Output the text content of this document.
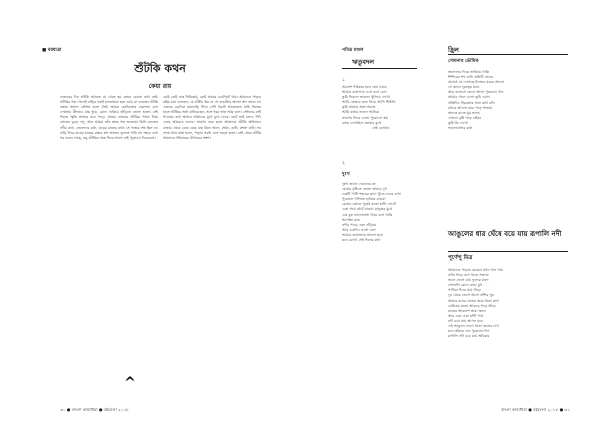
■ বরযাত্রা
শুঁটকি কথন
কেয়া রায়
বাজারের দিন শুঁটকি আনতে যে খেতে হয় তেমন কোনো কথা নেই। শুঁটকির গন্ধ পেলেই বাড়ির সবাই মাতোয়ারা হয়ে ওঠে। মা বলতেন শুঁটকি রান্নার আসল কৌশল হলো ধৈর্য। আমরা ছোটবেলায় বারান্দায় বসে দেখতাম কীভাবে মাছ ধুয়ে, রোদে শুকিয়ে হাঁড়িতে তোলা হতো। সেই দিনের স্মৃতি আজও মনে পড়ে। গ্রামের বাজারে শুঁটকির পসরা নিয়ে বসতেন বুড়ো দাদু, আর আমরা তাঁর কাছে গল্প শুনতাম। তিনি বলতেন নদীর কথা, জেলেদের কথা, ঝড়ের রাতের কথা। সে গল্পের শেষ ছিল না। বাড়ি ফিরে মায়ের হাতের রান্নার স্বাদ আজও ভুলতে পারি না। শহরে এসে সব বদলে গেছে, তবু শুঁটকির গন্ধে ফিরে আসে সেই পুরোনো দিনগুলো।
কেউ কেউ নাক সিঁটকোয়, কেউ আবার চেটেপুটে খায়। আমাদের পাড়ার রহিম চাচা বলতেন, যে শুঁটকি খায় না সে বাঙালির আসল স্বাদ জানে না। একবার বড়দিনে মামাবাড়ি গিয়ে দেখি বিরাট আয়োজন। মামি নিজের হাতে শুঁটকির ভর্তা বানিয়েছেন, সঙ্গে গরম ভাত আর ডাল। সেদিনের সেই খাওয়ার কথা আজও আমাদের মুখে মুখে ফেরে। ছোট ভাই বলল, দিদি এবার আমরাও বানাব। তারপর শুরু হলো আমাদের শুঁটকি অভিযান। বাজার থেকে বেছে বেছে মাছ কিনে আনা, ধোয়া, কাটা, মশলা বাটা। সব শেষে যখন রান্না হলো, পাড়ার সবাই এসে জড়ো হলো। সেই থেকে শুঁটকি আমাদের পরিবারের উৎসবের অংশ।
^
৩০ ● বাংলা কাব্যধারা ● বইমেলা ২০১৮
পবিত্র মণ্ডল
ঋতুবদল
১
আকাশ পরিষ্কার হলে মেঘ ডাকে
আমার বারান্দায় এসে বসে রোদ
তুমি ফিরলে জানলা খুলিয়ে দেখো
আমি তোমার জন্য নিয়ে আসি শিউলি
তুমি আমার প্রশ্নে অবাক
আমি কথার জালে আটকে
তারপর ফিরে এলো পুরোনো স্বপ্ন
বসন্ত দেখেছিল তোমার মুখে
নেই কোথাও
২
দুঃখ
দুঃখ জানে দেয়ালের রং
মেঘের বৃষ্টিতে ভেজা আমার দুখ
একটি পাখি শহরের ছাদে খুঁজে ফেরে বাসা
পুরোনো গলিতে হারিয়ে যাওয়া
মেঘের কোলে সূর্যের মতো হাসি ফোটে
একা পথে হেঁটে যাওয়া মানুষের মুখে
এক বুক ভালোবাসা নিয়ে বসে থাকি
অপেক্ষা রাত
নদীর পাড়ে একা দাঁড়িয়ে
আর একদিন এসো রোদ
আমার জানালায় আলো হয়ে
মনে রেখো সেই দিনের কথা
হ্রিল
সোমনাথ ভৌমিক
জানালার দিকে তাকিয়ে থাকি
শিশিরের শব্দ শুনি প্রতিটি ভোরে
প্রবাসে যে দেখেছে নিজের ঘরের আলো
সে জানে দূরত্বের মানে
আর বাতাসে ভেসে আসে পুরোনো গান
আমার গানে এসো তুমি এসো
প্রতিদিন নীরবতার সঙ্গে কথা বলি
চাঁদের আলো ঝরে পড়ে পাতায়
অনেক রাতে ঘুম ভাঙে
এখনো বৃষ্টি পড়ে বাইরে
তুমি কি দেখো
ভালোবাসার কথা
আঙুলের ধার ঘেঁষে বয়ে যায় রূপালি নদী
পূর্ণেন্দু মিত্র
আমাদের পাড়ার মেয়েরা যখন গান গায়
নদীর ধারে বসে থাকে সন্ধ্যায়
জলে ভেসে যায় ফুলের মালা
সোনালি রোদে রাঙা মুখ
পাখিরা ফিরে যায় নীড়ে
দূর থেকে ভেসে আসে বাঁশির সুর
আমার মনের ভেতর জমে থাকা কথা
ঢেউয়ের মতো আছড়ে পড়ে তীরে
রাতের আকাশে তারা জ্বলে
আর একা একা হাঁটি পথে
নদী বয়ে যায় আপন মনে
এই আঙুলে লেগে থাকা জলের দাগ
মনে করিয়ে দেয় পুরোনো দিন
রূপালি নদী বয়ে যায় অবিরাম
বাংলা কাব্যধারা ● বইমেলা ২০১৮ ● ৩১
